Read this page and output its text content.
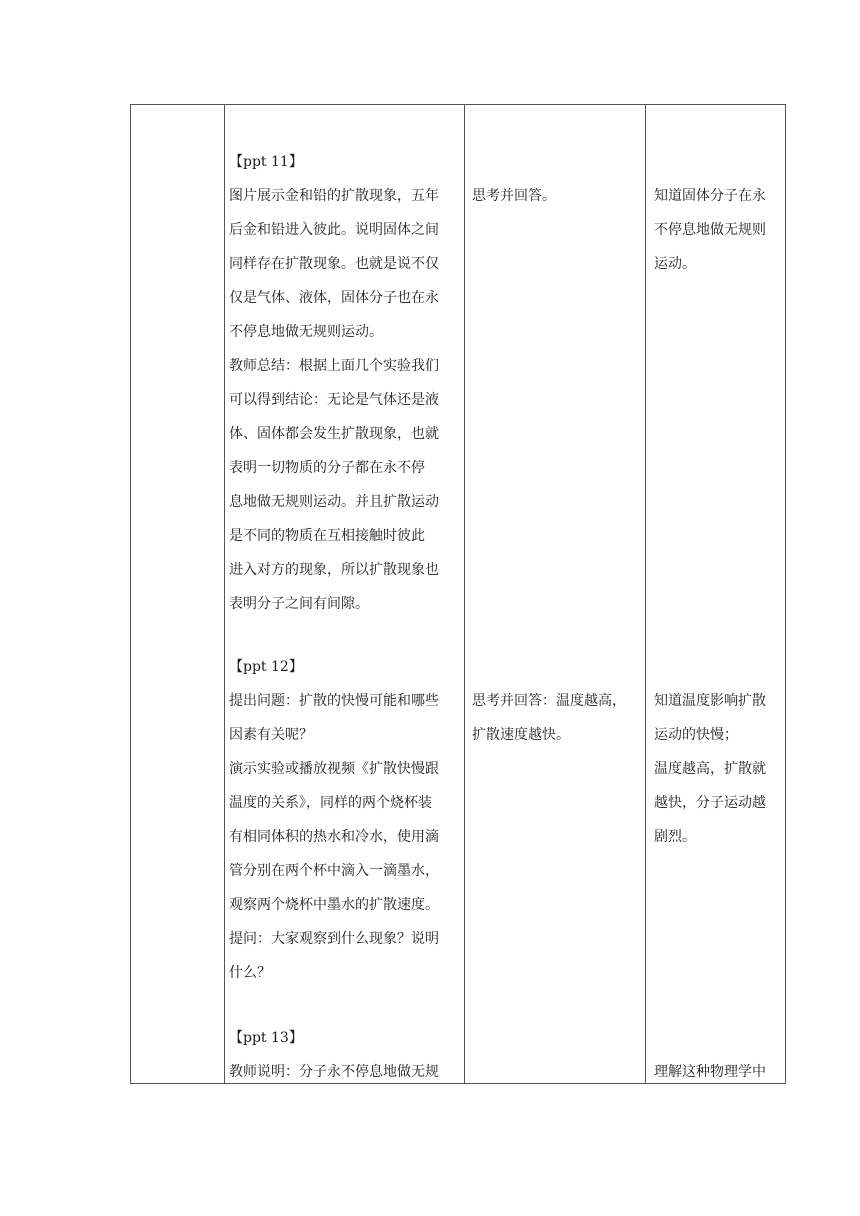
【ppt 11】
图片展示金和铅的扩散现象，五年
后金和铅进入彼此。说明固体之间
同样存在扩散现象。也就是说不仅
仅是气体、液体，固体分子也在永
不停息地做无规则运动。
教师总结：根据上面几个实验我们
可以得到结论：无论是气体还是液
体、固体都会发生扩散现象，也就
表明一切物质的分子都在永不停
息地做无规则运动。并且扩散运动
是不同的物质在互相接触时彼此
进入对方的现象，所以扩散现象也
表明分子之间有间隙。
【ppt 12】
提出问题：扩散的快慢可能和哪些
因素有关呢？
演示实验或播放视频《扩散快慢跟
温度的关系》，同样的两个烧杯装
有相同体积的热水和冷水，使用滴
管分别在两个杯中滴入一滴墨水，
观察两个烧杯中墨水的扩散速度。
提问：大家观察到什么现象？说明
什么？
【ppt 13】
教师说明：分子永不停息地做无规
思考并回答。
思考并回答：温度越高，
扩散速度越快。
知道固体分子在永
不停息地做无规则
运动。
知道温度影响扩散
运动的快慢；
温度越高，扩散就
越快，分子运动越
剧烈。
理解这种物理学中
